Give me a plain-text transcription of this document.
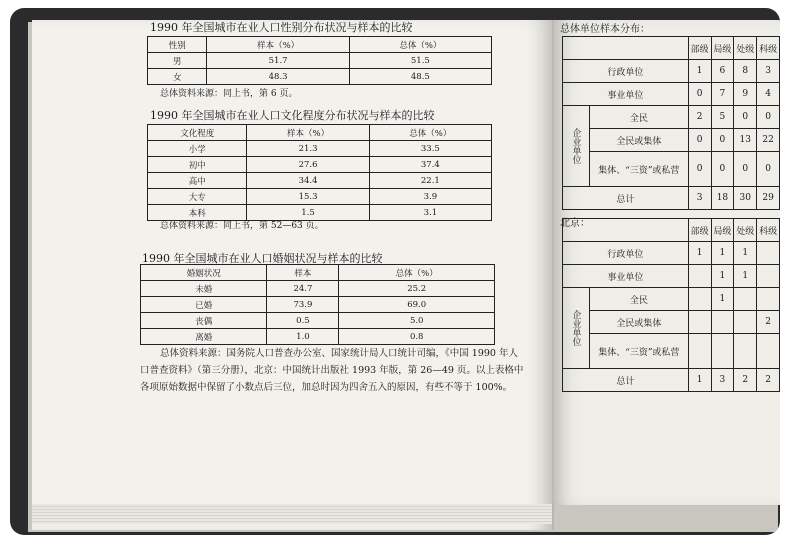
1990 年全国城市在业人口性别分布状况与样本的比较
性别	样本（%）	总体（%）
男	51.7	51.5
女	48.3	48.5
总体资料来源：同上书，第 6 页。
1990 年全国城市在业人口文化程度分布状况与样本的比较
文化程度	样本（%）	总体（%）
小学	21.3	33.5
初中	27.6	37.4
高中	34.4	22.1
大专	15.3	3.9
本科	1.5	3.1
总体资料来源：同上书，第 52—63 页。
1990 年全国城市在业人口婚姻状况与样本的比较
婚姻状况	样本	总体（%）
未婚	24.7	25.2
已婚	73.9	69.0
丧偶	0.5	5.0
离婚	1.0	0.8
总体资料来源：国务院人口普查办公室、国家统计局人口统计司编，《中国 1990 年人
口普查资料》（第三分册），北京：中国统计出版社 1993 年版，第 26—49 页。以上表格中
各项原始数据中保留了小数点后三位，加总时因为四舍五入的原因，有些不等于 100%。
总体单位样本分布：
		部级	局级	处级	科级
行政单位		1	6	8	3
事业单位		0	7	9	4
企业单位	全民	2	5	0	0
	全民或集体	0	0	13	22
	集体、“三资”或私营	0	0	0	0
总计		3	18	30	29
北京：
		部级	局级	处级	科级
行政单位		1	1	1	
事业单位			1	1	
企业单位	全民		1		
	全民或集体				2
	集体、“三资”或私营				
总计		1	3	2	2
